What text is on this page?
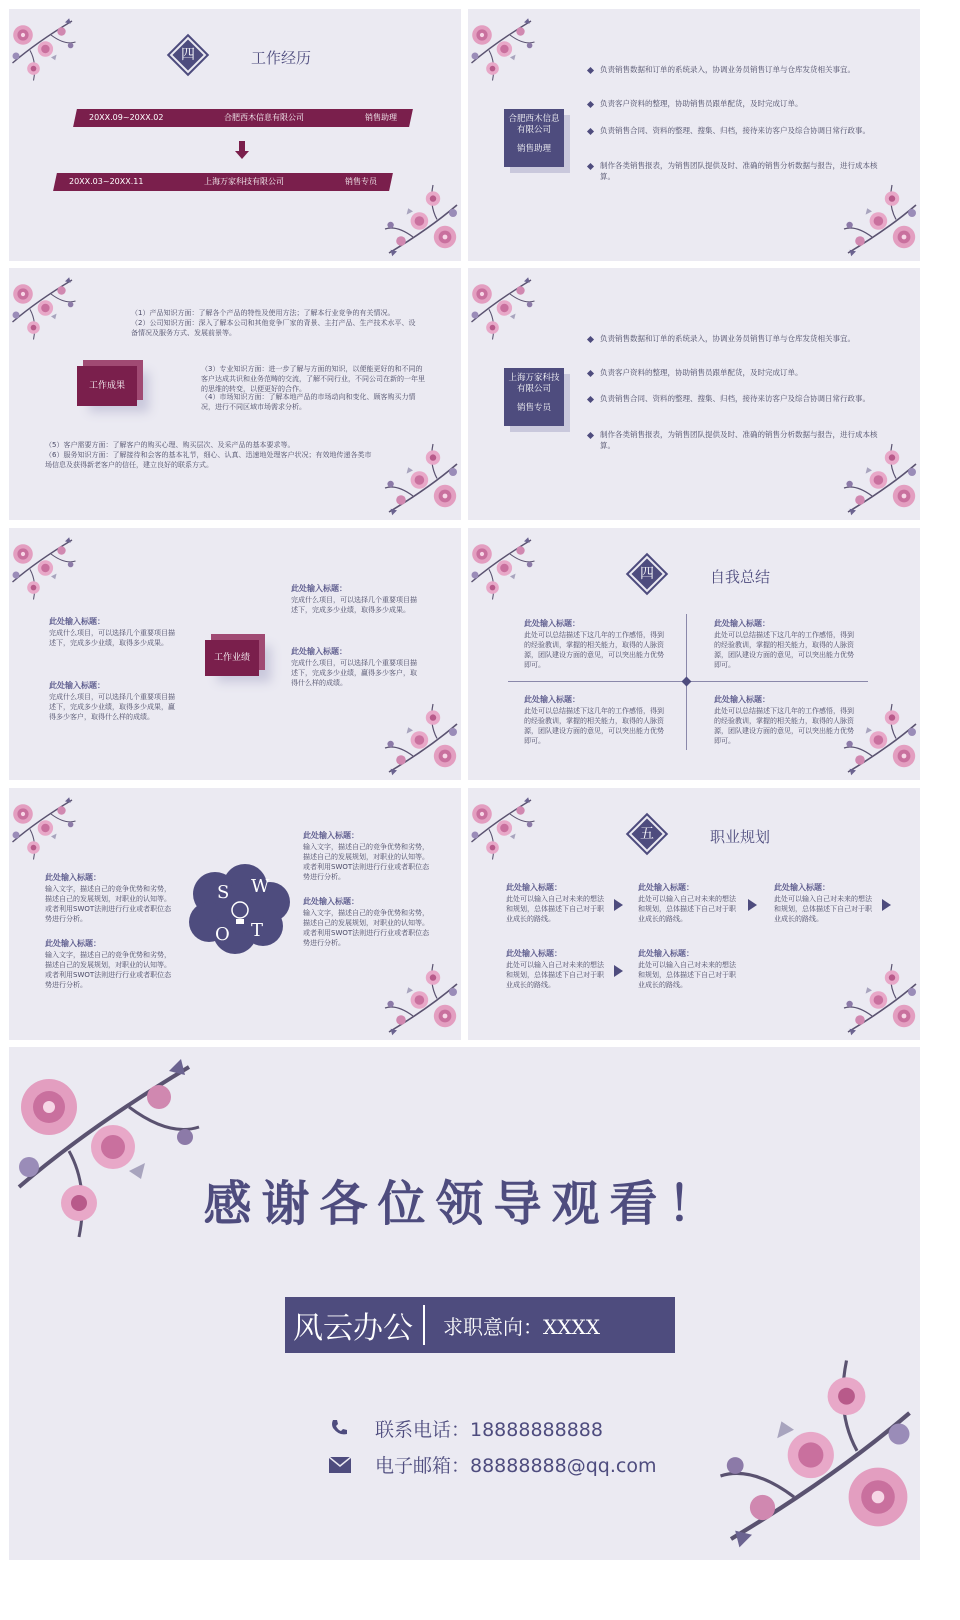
四	工作经历
20XX.09~20XX.02	合肥西木信息有限公司	销售助理
20XX.03~20XX.11	上海万家科技有限公司	销售专员
合肥西木信息有限公司
销售助理
负责销售数据和订单的系统录入，协调业务员销售订单与仓库发货相关事宜。
负责客户资料的整理，协助销售员跟单配货，及时完成订单。
负责销售合同、资料的整理、搜集、归档，接待来访客户及综合协调日常行政事。
制作各类销售报表，为销售团队提供及时、准确的销售分析数据与报告，进行成本核算。
（1）产品知识方面：了解各个产品的特性及使用方法；了解本行业竞争的有关情况。
（2）公司知识方面：深入了解本公司和其他竞争厂家的背景、主打产品、生产技术水平、设备情况及服务方式、发展前景等。
工作成果
（3）专业知识方面：进一步了解与方面的知识，以便能更好的和不同的客户达成共识和业务范畴的交流，了解不同行业，不同公司在新的一年里的思维的转变，以便更好的合作。
（4）市场知识方面：了解本地产品的市场动向和变化、顾客购买力情况，进行不同区域市场需求分析。
（5）客户需要方面：了解客户的购买心理、购买层次、及采产品的基本要求等。
（6）服务知识方面：了解接待和会客的基本礼节，细心、认真、迅速地处理客户状况；有效地传递各类市场信息及获得新老客户的信任，建立良好的联系方式。
上海万家科技有限公司
销售专员
负责销售数据和订单的系统录入，协调业务员销售订单与仓库发货相关事宜。
负责客户资料的整理，协助销售员跟单配货，及时完成订单。
负责销售合同、资料的整理、搜集、归档，接待来访客户及综合协调日常行政事。
制作各类销售报表，为销售团队提供及时、准确的销售分析数据与报告，进行成本核算。
此处输入标题：
完成什么项目，可以选择几个重要项目描述下，完成多少业绩，取得多少成果。
此处输入标题：
完成什么项目，可以选择几个重要项目描述下，完成多少业绩，取得多少成果。
工作业绩
此处输入标题：
完成什么项目，可以选择几个重要项目描述下，完成多少业绩，赢得多少客户，取得什么样的成绩。
此处输入标题：
完成什么项目，可以选择几个重要项目描述下，完成多少业绩，取得多少成果，赢得多少客户，取得什么样的成绩。
四	自我总结
此处输入标题：
此处可以总结描述下这几年的工作感悟，得到的经验教训，掌握的相关能力，取得的人脉资源，团队建设方面的意见，可以突出能力优势即可。
此处输入标题：
此处可以总结描述下这几年的工作感悟，得到的经验教训，掌握的相关能力，取得的人脉资源，团队建设方面的意见，可以突出能力优势即可。
此处输入标题：
此处可以总结描述下这几年的工作感悟，得到的经验教训，掌握的相关能力，取得的人脉资源，团队建设方面的意见，可以突出能力优势即可。
此处输入标题：
此处可以总结描述下这几年的工作感悟，得到的经验教训，掌握的相关能力，取得的人脉资源，团队建设方面的意见，可以突出能力优势即可。
此处输入标题：
输入文字，描述自己的竞争优势和劣势，描述自己的发展规划，对职业的认知等。或者利用SWOT法则进行行业或者职位态势进行分析。
此处输入标题：
输入文字，描述自己的竞争优势和劣势，描述自己的发展规划，对职业的认知等。或者利用SWOT法则进行行业或者职位态势进行分析。
S W
O T
此处输入标题：
输入文字，描述自己的竞争优势和劣势，描述自己的发展规划，对职业的认知等。或者利用SWOT法则进行行业或者职位态势进行分析。
此处输入标题：
输入文字，描述自己的竞争优势和劣势，描述自己的发展规划，对职业的认知等。或者利用SWOT法则进行行业或者职位态势进行分析。
五	职业规划
此处输入标题：
此处可以输入自己对未来的想法和规划，总体描述下自己对于职业成长的路线。
此处输入标题：
此处可以输入自己对未来的想法和规划，总体描述下自己对于职业成长的路线。
此处输入标题：
此处可以输入自己对未来的想法和规划，总体描述下自己对于职业成长的路线。
此处输入标题：
此处可以输入自己对未来的想法和规划，总体描述下自己对于职业成长的路线。
此处输入标题：
此处可以输入自己对未来的想法和规划，总体描述下自己对于职业成长的路线。
感谢各位领导观看！
风云办公	求职意向：XXXX
联系电话：18888888888
电子邮箱：88888888@qq.com
